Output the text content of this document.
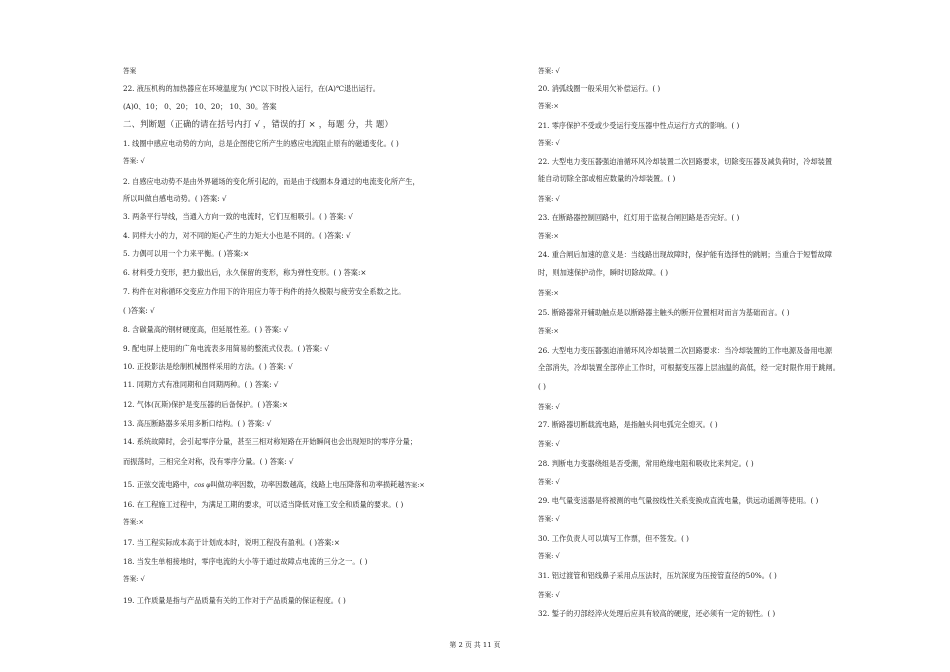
答案
22. 液压机构的加热器应在环境温度为( )℃以下时投入运行，在(A)℃退出运行。
(A)0、10； 0、20； 10、20； 10、30。答案
二、判断题（正确的请在括号内打 √ ，错误的打 × ，每题 分，共 题）
1. 线圈中感应电动势的方向，总是企图使它所产生的感应电流阻止原有的磁通变化。( )
答案: √
2. 自感应电动势不是由外界磁场的变化所引起的，而是由于线圈本身通过的电流变化所产生，
所以叫做自感电动势。( )答案: √
3. 两条平行导线，当通入方向一致的电流时，它们互相吸引。( ) 答案: √
4. 同样大小的力，对不同的矩心产生的力矩大小也是不同的。( )答案: √
5. 力偶可以用一个力来平衡。( )答案:×
6. 材料受力变形，把力撤出后，永久保留的变形，称为弹性变形。( ) 答案:×
7. 构件在对称循环交变应力作用下的许用应力等于构件的持久极限与疲劳安全系数之比。
( )答案: √
8. 含碳量高的钢材硬度高，但延展性差。( ) 答案: √
9. 配电屏上使用的广角电流表多用简易的整流式仪表。( )答案: √
10. 正投影法是绘制机械图样采用的方法。( ) 答案: √
11. 同期方式有准同期和自同期两种。( ) 答案: √
12. 气体(瓦斯)保护是变压器的后备保护。( )答案:×
13. 高压断路器多采用多断口结构。( ) 答案: √
14. 系统故障时，会引起零序分量，甚至三相对称短路在开始瞬间也会出现短时的零序分量；
而振荡时，三相完全对称，没有零序分量。( ) 答案: √
15. 正弦交流电路中，cos φ叫做功率因数，功率因数越高，线路上电压降落和功率损耗越答案:×
16. 在工程施工过程中，为满足工期的要求，可以适当降低对施工安全和质量的要求。( )
答案:×
17. 当工程实际成本高于计划成本时，说明工程没有盈利。( )答案:×
18. 当发生单相接地时，零序电流的大小等于通过故障点电流的三分之一。( )
答案: √
19. 工作质量是指与产品质量有关的工作对于产品质量的保证程度。( )
答案: √
20. 消弧线圈一般采用欠补偿运行。( )
答案:×
21. 零序保护不受或少受运行变压器中性点运行方式的影响。( )
答案: √
22. 大型电力变压器强迫油循环风冷却装置二次回路要求，切除变压器及减负荷时，冷却装置
能自动切除全部或相应数量的冷却装置。( )
答案: √
23. 在断路器控制回路中，红灯用于监视合闸回路是否完好。( )
答案:×
24. 重合闸后加速的意义是：当线路出现故障时，保护能有选择性的跳闸；当重合于短暂故障
时，则加速保护动作，瞬时切除故障。( )
答案:×
25. 断路器常开辅助触点是以断路器主触头的断开位置相对而言为基础而言。( )
答案:×
26. 大型电力变压器强迫油循环风冷却装置二次回路要求：当冷却装置的工作电源及备用电源
全部消失，冷却装置全部停止工作时，可根据变压器上层油温的高低，经一定时限作用于跳闸。
( )
答案: √
27. 断路器切断载流电路，是指触头间电弧完全熄灭。( )
答案: √
28. 判断电力变器绕组是否受潮，常用绝缘电阻和吸收比来判定。( )
答案: √
29. 电气量变送器是将被测的电气量按线性关系变换成直流电量，供远动遥测等使用。( )
答案: √
30. 工作负责人可以填写工作票，但不签发。( )
答案: √
31. 铝过渡管和铝线鼻子采用点压法时，压坑深度为压接管直径的50%。( )
答案: √
32. 錾子的刃部经淬火处理后应具有较高的硬度，还必须有一定的韧性。( )
第 2 页 共 11 页
